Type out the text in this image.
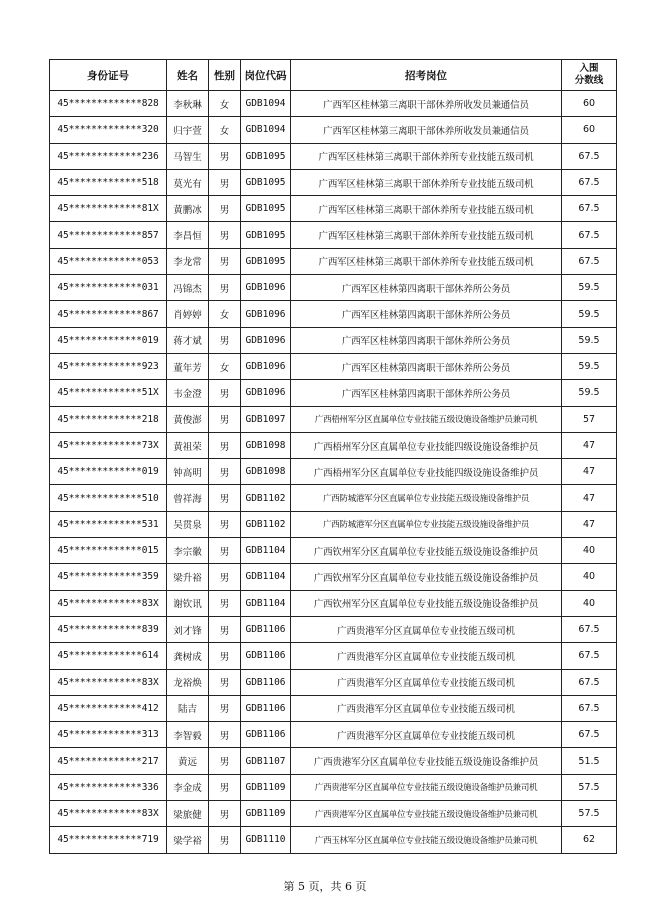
身份证号	姓名	性别	岗位代码	招考岗位	入围
分数线
45*************828	李秋琳	女	GDB1094	广西军区桂林第三离职干部休养所收发员兼通信员	60
45*************320	归宇萱	女	GDB1094	广西军区桂林第三离职干部休养所收发员兼通信员	60
45*************236	马智生	男	GDB1095	广西军区桂林第三离职干部休养所专业技能五级司机	67.5
45*************518	莫光有	男	GDB1095	广西军区桂林第三离职干部休养所专业技能五级司机	67.5
45*************81X	黄鹏冰	男	GDB1095	广西军区桂林第三离职干部休养所专业技能五级司机	67.5
45*************857	李昌恒	男	GDB1095	广西军区桂林第三离职干部休养所专业技能五级司机	67.5
45*************053	李龙常	男	GDB1095	广西军区桂林第三离职干部休养所专业技能五级司机	67.5
45*************031	冯锦杰	男	GDB1096	广西军区桂林第四离职干部休养所公务员	59.5
45*************867	肖婷婷	女	GDB1096	广西军区桂林第四离职干部休养所公务员	59.5
45*************019	蒋才斌	男	GDB1096	广西军区桂林第四离职干部休养所公务员	59.5
45*************923	董年芳	女	GDB1096	广西军区桂林第四离职干部休养所公务员	59.5
45*************51X	韦金澄	男	GDB1096	广西军区桂林第四离职干部休养所公务员	59.5
45*************218	黄俊澎	男	GDB1097	广西梧州军分区直属单位专业技能五级设施设备维护员兼司机	57
45*************73X	黄祖荣	男	GDB1098	广西梧州军分区直属单位专业技能四级设施设备维护员	47
45*************019	钟高明	男	GDB1098	广西梧州军分区直属单位专业技能四级设施设备维护员	47
45*************510	曾祥海	男	GDB1102	广西防城港军分区直属单位专业技能五级设施设备维护员	47
45*************531	吴贯泉	男	GDB1102	广西防城港军分区直属单位专业技能五级设施设备维护员	47
45*************015	李宗徽	男	GDB1104	广西钦州军分区直属单位专业技能五级设施设备维护员	40
45*************359	梁升裕	男	GDB1104	广西钦州军分区直属单位专业技能五级设施设备维护员	40
45*************83X	谢钦讯	男	GDB1104	广西钦州军分区直属单位专业技能五级设施设备维护员	40
45*************839	刘才锋	男	GDB1106	广西贵港军分区直属单位专业技能五级司机	67.5
45*************614	龚树成	男	GDB1106	广西贵港军分区直属单位专业技能五级司机	67.5
45*************83X	龙裕焕	男	GDB1106	广西贵港军分区直属单位专业技能五级司机	67.5
45*************412	陆吉	男	GDB1106	广西贵港军分区直属单位专业技能五级司机	67.5
45*************313	李智毅	男	GDB1106	广西贵港军分区直属单位专业技能五级司机	67.5
45*************217	黄远	男	GDB1107	广西贵港军分区直属单位专业技能五级设施设备维护员	51.5
45*************336	李金成	男	GDB1109	广西贵港军分区直属单位专业技能五级设施设备维护员兼司机	57.5
45*************83X	梁旅健	男	GDB1109	广西贵港军分区直属单位专业技能五级设施设备维护员兼司机	57.5
45*************719	梁学裕	男	GDB1110	广西玉林军分区直属单位专业技能五级设施设备维护员兼司机	62
第 5 页，共 6 页
